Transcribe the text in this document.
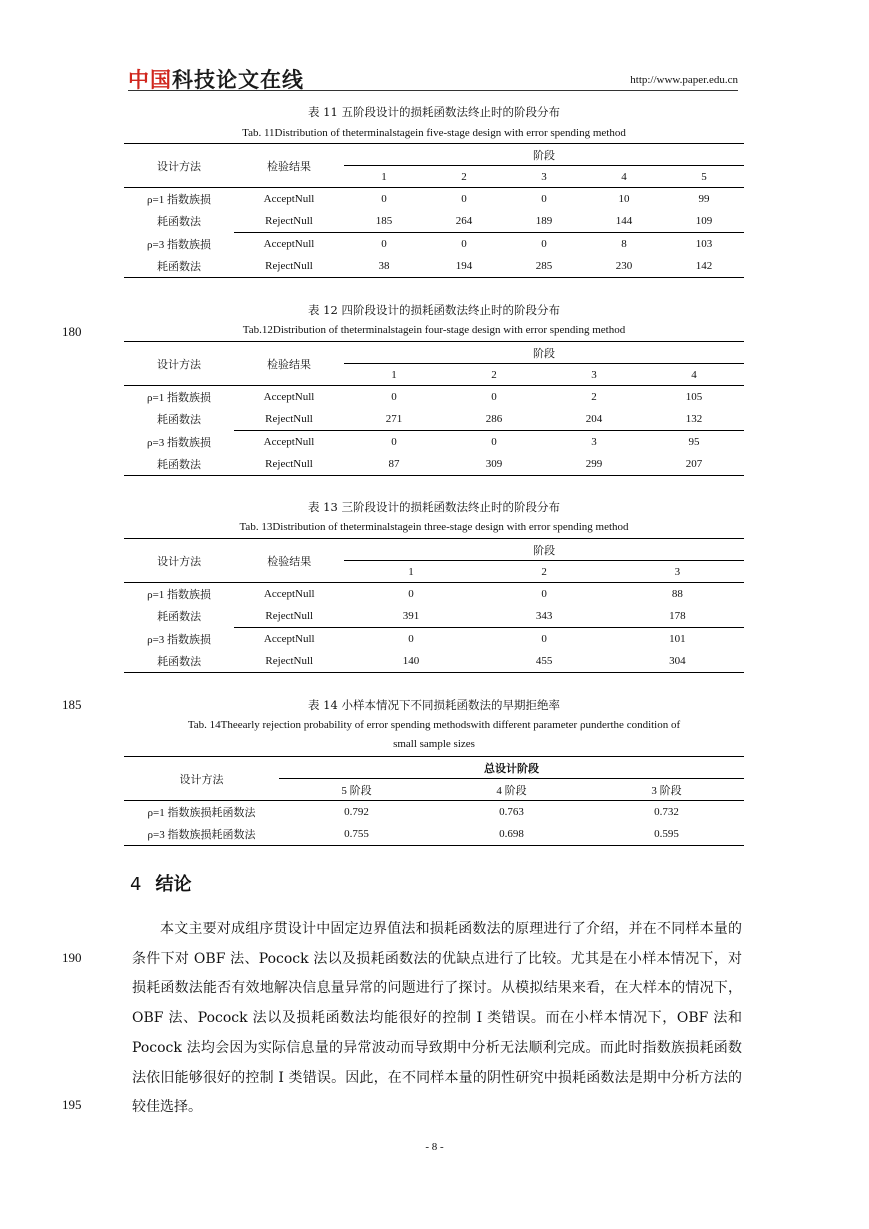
中国科技论文在线	http://www.paper.edu.cn
180
185
190
195
表 11 五阶段设计的损耗函数法终止时的阶段分布
Tab. 11Distribution of theterminalstagein five-stage design with error spending method
设计方法	检验结果	阶段				
		1	2	3	4	5
ρ=1 指数族损	AcceptNull	0	0	0	10	99
耗函数法	RejectNull	185	264	189	144	109
ρ=3 指数族损	AcceptNull	0	0	0	8	103
耗函数法	RejectNull	38	194	285	230	142
表 12 四阶段设计的损耗函数法终止时的阶段分布
Tab.12Distribution of theterminalstagein four-stage design with error spending method
设计方法	检验结果	阶段			
		1	2	3	4
ρ=1 指数族损	AcceptNull	0	0	2	105
耗函数法	RejectNull	271	286	204	132
ρ=3 指数族损	AcceptNull	0	0	3	95
耗函数法	RejectNull	87	309	299	207
表 13 三阶段设计的损耗函数法终止时的阶段分布
Tab. 13Distribution of theterminalstagein three-stage design with error spending method
设计方法	检验结果	阶段		
		1	2	3
ρ=1 指数族损	AcceptNull	0	0	88
耗函数法	RejectNull	391	343	178
ρ=3 指数族损	AcceptNull	0	0	101
耗函数法	RejectNull	140	455	304
表 14 小样本情况下不同损耗函数法的早期拒绝率
Tab. 14Theearly rejection probability of error spending methodswith different parameter ρunderthe condition of
small sample sizes
设计方法	总设计阶段		
	5 阶段	4 阶段	3 阶段
ρ=1 指数族损耗函数法	0.792	0.763	0.732
ρ=3 指数族损耗函数法	0.755	0.698	0.595
4 结论

本文主要对成组序贯设计中固定边界值法和损耗函数法的原理进行了介绍，并在不同样本量的条件下对 OBF 法、Pocock 法以及损耗函数法的优缺点进行了比较。尤其是在小样本情况下，对损耗函数法能否有效地解决信息量异常的问题进行了探讨。从模拟结果来看，在大样本的情况下，OBF 法、Pocock 法以及损耗函数法均能很好的控制 I 类错误。而在小样本情况下，OBF 法和 Pocock 法均会因为实际信息量的异常波动而导致期中分析无法顺利完成。而此时指数族损耗函数法依旧能够很好的控制 I 类错误。因此，在不同样本量的阴性研究中损耗函数法是期中分析方法的较佳选择。

- 8 -
